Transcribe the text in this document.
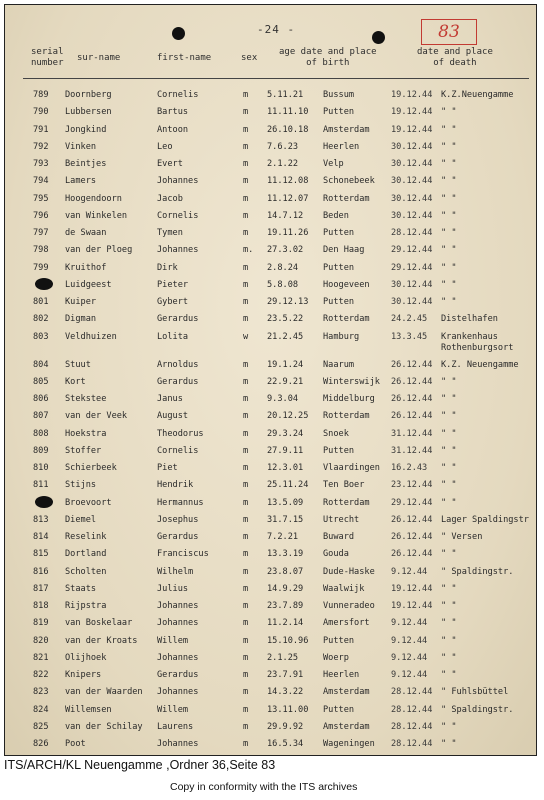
-24 -	83
serial
number sur-name	first-name	sex
age date and place
of birth
date and place
of death
789 Doornberg	Cornelis	m 5.11.21 Bussum	19.12.44 K.Z.Neuengamme
790 Lubbersen	Bartus	m 11.11.10 Putten	19.12.44 " "
791 Jongkind	Antoon	m 26.10.18 Amsterdam 19.12.44 " "
792 Vinken	Leo	m 7.6.23	Heerlen	30.12.44 " "
793 Beintjes	Evert	m 2.1.22	Velp	30.12.44 " "
794 Lamers	Johannes	m 11.12.08 Schonebeek 30.12.44 " "
795 Hoogendoorn	Jacob	m 11.12.07 Rotterdam 30.12.44 " "
796 van Winkelen	Cornelis	m 14.7.12 Beden	30.12.44 " "
797 de Swaan	Tymen	m 19.11.26 Putten	28.12.44 " "
798 van der Ploeg	Johannes	m. 27.3.02 Den Haag	29.12.44 " "
799 Kruithof	Dirk	m 2.8.24	Putten	29.12.44 " "
Luidgeest	Pieter	m 5.8.08	Hoogeveen 30.12.44 " "
801 Kuiper	Gybert	m 29.12.13 Putten	30.12.44 " "
802 Digman	Gerardus	m 23.5.22 Rotterdam 24.2.45 Distelhafen
803 Veldhuizen	Lolita	w 21.2.45 Hamburg	13.3.45 Krankenhaus
Rothenburgsort
804 Stuut	Arnoldus	m 19.1.24 Naarum	26.12.44 K.Z. Neuengamme
805 Kort	Gerardus	m 22.9.21 Winterswijk 26.12.44 " "
806 Stekstee	Janus	m 9.3.04	Middelburg 26.12.44 " "
807 van der Veek	August	m 20.12.25 Rotterdam 26.12.44 " "
808 Hoekstra	Theodorus	m 29.3.24 Snoek	31.12.44 " "
809 Stoffer	Cornelis	m 27.9.11 Putten	31.12.44 " "
810 Schierbeek	Piet	m 12.3.01 Vlaardingen 16.2.43 " "
811 Stijns	Hendrik	m 25.11.24 Ten Boer	23.12.44 " "
Broevoort	Hermannus	m 13.5.09 Rotterdam 29.12.44 " "
813 Diemel	Josephus	m 31.7.15 Utrecht	26.12.44 Lager Spaldingstr
814 Reselink	Gerardus	m 7.2.21	Buward	26.12.44 " Versen
815 Dortland	Franciscus	m 13.3.19 Gouda	26.12.44 " "
816 Scholten	Wilhelm	m 23.8.07 Dude-Haske 9.12.44 " Spaldingstr.
817 Staats	Julius	m 14.9.29 Waalwijk	19.12.44 " "
818 Rijpstra	Johannes	m 23.7.89 Vunneradeo 19.12.44 " "
819 van Boskelaar	Johannes	m 11.2.14 Amersfort 9.12.44 " "
820 van der Kroats Willem	m 15.10.96 Putten	9.12.44 " "
821 Olijhoek	Johannes	m 2.1.25	Woerp	9.12.44 " "
822 Knipers	Gerardus	m 23.7.91 Heerlen	9.12.44 " "
823 van der Waarden Johannes	m 14.3.22 Amsterdam 28.12.44 " Fuhlsbüttel
824 Willemsen	Willem	m 13.11.00 Putten	28.12.44 " Spaldingstr.
825 van der Schilay Laurens	m 29.9.92 Amsterdam 28.12.44 " "
826 Poot	Johannes	m 16.5.34 Wageningen 28.12.44 " "
ITS/ARCH/KL Neuengamme ,Ordner 36,Seite 83
Copy in conformity with the ITS archives
